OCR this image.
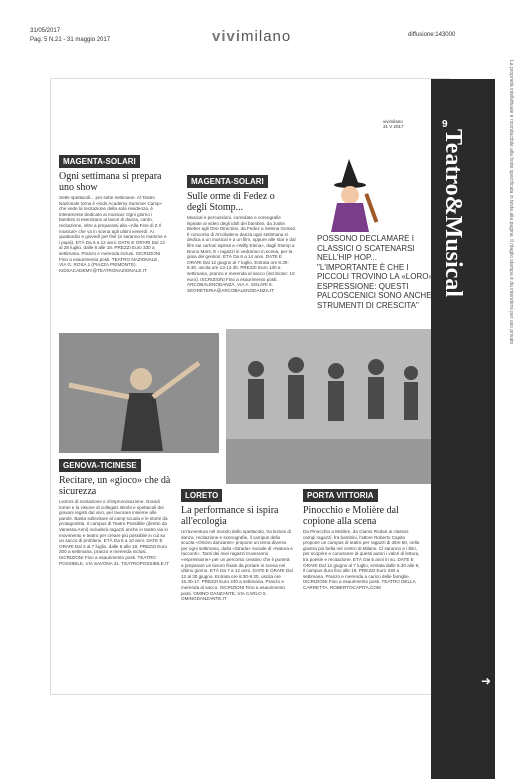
31/05/2017
Pag. 5 N.21 - 31 maggio 2017	vivimilano	diffusione:143000
La proprietà intellettuale è riconducibile alla fonte specificata in testa alla pagina. Il ritaglio stampa è da intendersi per uso privato
9
Teatro&Musical
➜
vivimilano
31 V 2017
POSSONO DECLAMARE I CLASSICI O SCATENARSI NELL'HIP HOP... "L'IMPORTANTE È CHE I PICCOLI TROVINO LA «LORO» ESPRESSIONE: QUESTI PALCOSCENICI SONO ANCHE STRUMENTI DI CRESCITA"
MAGENTA-SOLARI
Ogni settimana si prepara uno show
Sette spettacoli... per sette settimane. Al Teatro Nazionale torna il «Kids Academy Summer Camp» che vede la recitazione della sola residenza, è interamente dedicato ai musical. Ogni giorno i bambini si esercitano ai lavori di danza, canto, recitazione, oltre a prepararsi alla «Alla Fine di Z Il musical» che va in scena agli ultimi venerdì. Ai quattordici e giovedì per finir (e saranno le mamme e i papà). ETÀ Da 6 a 12 anni. DATE E ORARI Dal 12 al 28 luglio, dalle 8 alle 18. PREZZI Euro 330 a settimana. Pranzo e merenda inclusi. ISCRIZIONI Fino a esaurimento posti. TEATRO NAZIONALE, VIA G. ROSA 1 (PIAZZA PIEMONTE). KIDSACADEMY@TEATRONAZIONALE.IT
MAGENTA-SOLARI
Sulle orme di Fedez o degli Stomp...
Musical e percussioni, corredate e coreografie ispirate ai video degli idoli dei bambini, da Justin Bieber agli One Direction, da Fedez a Selena Gomez. Il concorso di Arcobaleno danza ogni settimana si dedica a un musical e a un film, oppure alle star e dal film sui cartoni ispirati a «Willy Elena», dagli Stomp a Bruno Mars. E i ragazzi si vedranno in scena, per la gioia dei genitori. ETÀ Da 6 a 14 anni. DATE E ORARI Dal 12 giugno al 7 luglio. Entrata ore 8.30-9.30, uscita ore 13-13.30. PREZZI Euro 130 a settimana, pranzo e merenda al sacco (iscrizione: 10 euro). ISCRIZIONI Fino a esaurimento posti. ARCOBALENODANZA, VIA A. SOLARI 6. SEGRETERIA@ARCOBALENODANZA.IT
GENOVA-TICINESE
Recitare, un «gioco» che dà sicurezza
Lezioni di recitazione e d'improvvisazione. Grandi tornei e la visione di collegati. Bimbi e spettacoli dei giovani registi dal vivo, per lavorare insieme alle parole. Basta sollecitare al camp scuola e le storie da protagonista. Il campus di Teatro Possibile (diretto da Vanessa Anni) includerà ragazzi anche in teatro via in movimento e teatro per creare più possibile in cui su un sacco di problemi. ETÀ Da 5 a 10 anni. DATE E ORARI Dal 3 al 7 luglio, dalle 8 alle 18. PREZZI Euro 200 a settimana, pranzo e merenda inclusi. ISCRIZIONI Fino a esaurimento posti. TEATRO POSSIBILE, VIA SAVONA 31. TEATROPOSSIBILE.IT
LORETO
La performance si ispira all'ecologia
Un'avventura nel mondo dello spettacolo, tra lezioni di danza, recitazione e scenografie, il campus della scuola «Omino danzante» propone un tema diverso per ogni settimana, dalla «Strada» sociale di «Natura e racconti». Tanti dei miei ragazzi troveranno «espressione» per un percorso creativo che li porterà a preparare un lavoro finale da portare in scena nel ultimo giorno. ETÀ Da 7 a 12 anni. DATE E ORARI Dal 12 al 30 giugno. Entrata ore 8.30-9.30, uscita ore 16.30-17. PREZZI Euro 240 a settimana. Pranzo e merenda al sacco. ISCRIZIONI Fino a esaurimento posti. OMINO DANZANTE, VIA CARLO 5. OMINODANZANTE.IT
PORTA VITTORIA
Pinocchio e Molière dal copione alla scena
Da Pinocchio a Molière, da Gianni Rodari ai classici: campi ragazzi, fra bambini, l'attore Roberto Capita propone un campus di teatro per ragazzi di oltre 80, nella giostra più bella nel centro di Milano. Ci saranno e i libri, per scoprire e conoscere di questi autori i valori di lettura, tra poesie e recitazione. ETÀ Dai 5 anni in su. DATE E ORARI Dal 12 giugno al 7 luglio, entrata dalle 8.30 alle 9, il campus dura fino alle 18. PREZZI Euro 330 a settimana. Pranzo e merenda a carico delle famiglie. ISCRIZIONI Fino a esaurimento posti. TEATRO DELLA CARRETTA. ROBERTOCAPITA.COM
